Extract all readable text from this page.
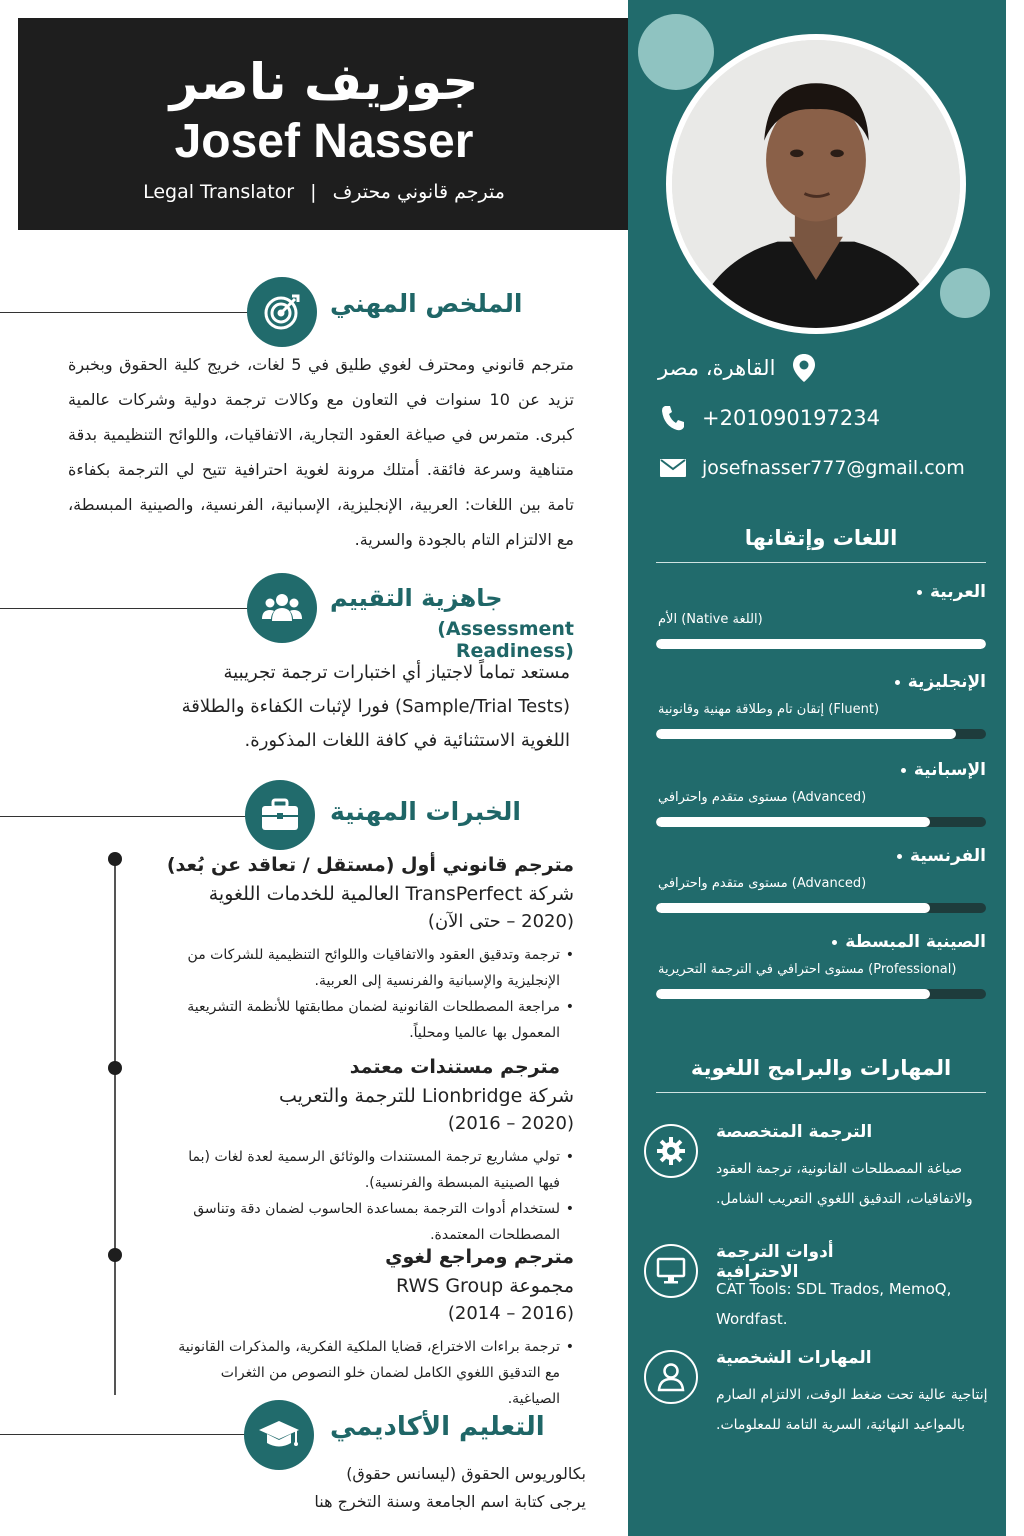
جوزيف ناصر
Josef Nasser
Legal Translator | مترجم قانوني محترف
القاهرة، مصر
+201090197234
josefnasser777@gmail.com
اللغات وإتقانها
العربية
الأم (Native اللغة)
الإنجليزية
إتقان تام وطلاقة مهنية وقانونية (Fluent)
الإسبانية
مستوى متقدم واحترافي (Advanced)
الفرنسية
مستوى متقدم واحترافي (Advanced)
الصينية المبسطة
مستوى احترافي في الترجمة التحريرية (Professional)
المهارات والبرامج اللغوية
الترجمة المتخصصة
صياغة المصطلحات القانونية، ترجمة العقود والاتفاقيات، التدقيق اللغوي التعريب الشامل.
أدوات الترجمة الاحترافية
CAT Tools: SDL Trados, MemoQ, Wordfast.
المهارات الشخصية
إنتاجية عالية تحت ضغط الوقت، الالتزام الصارم بالمواعيد النهائية، السرية التامة للمعلومات.
الملخص المهني
مترجم قانوني ومحترف لغوي طليق في 5 لغات، خريج كلية الحقوق وبخبرة تزيد عن 10 سنوات في التعاون مع وكالات ترجمة دولية وشركات عالمية كبرى. متمرس في صياغة العقود التجارية، الاتفاقيات، واللوائح التنظيمية بدقة متناهية وسرعة فائقة. أمتلك مرونة لغوية احترافية تتيح لي الترجمة بكفاءة تامة بين اللغات: العربية، الإنجليزية، الإسبانية، الفرنسية، والصينية المبسطة، مع الالتزام التام بالجودة والسرية.
جاهزية التقييم
(Assessment Readiness)
مستعد تماماً لاجتياز أي اختبارات ترجمة تجريبية
(Sample/Trial Tests) فورا لإثبات الكفاءة والطلاقة
اللغوية الاستثنائية في كافة اللغات المذكورة.
الخبرات المهنية
مترجم قانوني أول (مستقل / تعاقد عن بُعد)
شركة TransPerfect العالمية للخدمات اللغوية
(2020 – حتى الآن)
• ترجمة وتدقيق العقود والاتفاقيات واللوائح التنظيمية للشركات من الإنجليزية والإسبانية والفرنسية إلى العربية.
• مراجعة المصطلحات القانونية لضمان مطابقتها للأنظمة التشريعية المعمول بها عالميا ومحلياً.
مترجم مستندات معتمد
شركة Lionbridge للترجمة والتعريب
(2020 – 2016)
• تولي مشاريع ترجمة المستندات والوثائق الرسمية لعدة لغات (بما فيها الصينية المبسطة والفرنسية).
• لستخدام أدوات الترجمة بمساعدة الحاسوب لضمان دقة وتناسق المصطلحات المعتمدة.
مترجم ومراجع لغوي
مجموعة RWS Group
(2016 – 2014)
• ترجمة براءات الاختراع، قضايا الملكية الفكرية، والمذكرات القانونية مع التدقيق اللغوي الكامل لضمان خلو النصوص من الثغرات الصياغية.
التعليم الأكاديمي
بكالوريوس الحقوق (ليسانس حقوق)
يرجى كتابة اسم الجامعة وسنة التخرج هنا
